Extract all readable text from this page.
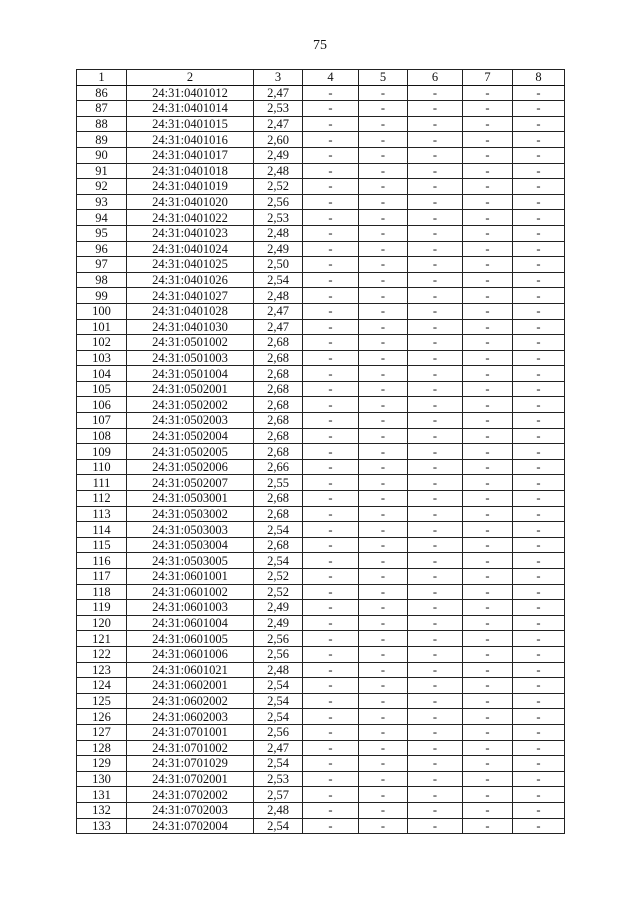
75
1	2	3	4	5	6	7	8
86	24:31:0401012	2,47	-	-	-	-	-
87	24:31:0401014	2,53	-	-	-	-	-
88	24:31:0401015	2,47	-	-	-	-	-
89	24:31:0401016	2,60	-	-	-	-	-
90	24:31:0401017	2,49	-	-	-	-	-
91	24:31:0401018	2,48	-	-	-	-	-
92	24:31:0401019	2,52	-	-	-	-	-
93	24:31:0401020	2,56	-	-	-	-	-
94	24:31:0401022	2,53	-	-	-	-	-
95	24:31:0401023	2,48	-	-	-	-	-
96	24:31:0401024	2,49	-	-	-	-	-
97	24:31:0401025	2,50	-	-	-	-	-
98	24:31:0401026	2,54	-	-	-	-	-
99	24:31:0401027	2,48	-	-	-	-	-
100	24:31:0401028	2,47	-	-	-	-	-
101	24:31:0401030	2,47	-	-	-	-	-
102	24:31:0501002	2,68	-	-	-	-	-
103	24:31:0501003	2,68	-	-	-	-	-
104	24:31:0501004	2,68	-	-	-	-	-
105	24:31:0502001	2,68	-	-	-	-	-
106	24:31:0502002	2,68	-	-	-	-	-
107	24:31:0502003	2,68	-	-	-	-	-
108	24:31:0502004	2,68	-	-	-	-	-
109	24:31:0502005	2,68	-	-	-	-	-
110	24:31:0502006	2,66	-	-	-	-	-
111	24:31:0502007	2,55	-	-	-	-	-
112	24:31:0503001	2,68	-	-	-	-	-
113	24:31:0503002	2,68	-	-	-	-	-
114	24:31:0503003	2,54	-	-	-	-	-
115	24:31:0503004	2,68	-	-	-	-	-
116	24:31:0503005	2,54	-	-	-	-	-
117	24:31:0601001	2,52	-	-	-	-	-
118	24:31:0601002	2,52	-	-	-	-	-
119	24:31:0601003	2,49	-	-	-	-	-
120	24:31:0601004	2,49	-	-	-	-	-
121	24:31:0601005	2,56	-	-	-	-	-
122	24:31:0601006	2,56	-	-	-	-	-
123	24:31:0601021	2,48	-	-	-	-	-
124	24:31:0602001	2,54	-	-	-	-	-
125	24:31:0602002	2,54	-	-	-	-	-
126	24:31:0602003	2,54	-	-	-	-	-
127	24:31:0701001	2,56	-	-	-	-	-
128	24:31:0701002	2,47	-	-	-	-	-
129	24:31:0701029	2,54	-	-	-	-	-
130	24:31:0702001	2,53	-	-	-	-	-
131	24:31:0702002	2,57	-	-	-	-	-
132	24:31:0702003	2,48	-	-	-	-	-
133	24:31:0702004	2,54	-	-	-	-	-
